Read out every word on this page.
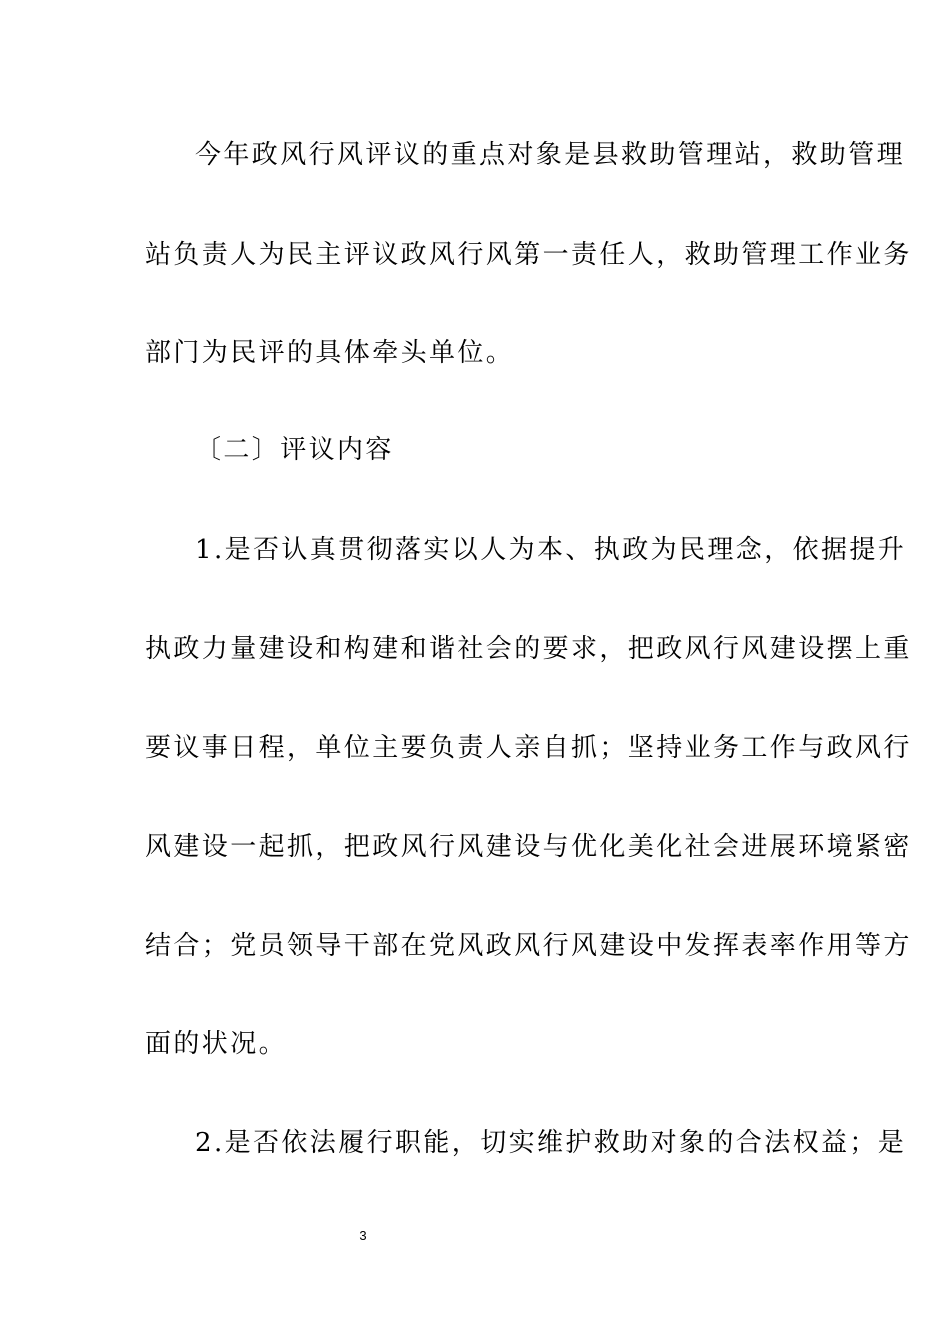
今年政风行风评议的重点对象是县救助管理站，救助管理
站负责人为民主评议政风行风第一责任人，救助管理工作业务
部门为民评的具体牵头单位。
〔二〕评议内容
1.是否认真贯彻落实以人为本、执政为民理念，依据提升
执政力量建设和构建和谐社会的要求，把政风行风建设摆上重
要议事日程，单位主要负责人亲自抓；坚持业务工作与政风行
风建设一起抓，把政风行风建设与优化美化社会进展环境紧密
结合；党员领导干部在党风政风行风建设中发挥表率作用等方
面的状况。
2.是否依法履行职能，切实维护救助对象的合法权益；是
3
